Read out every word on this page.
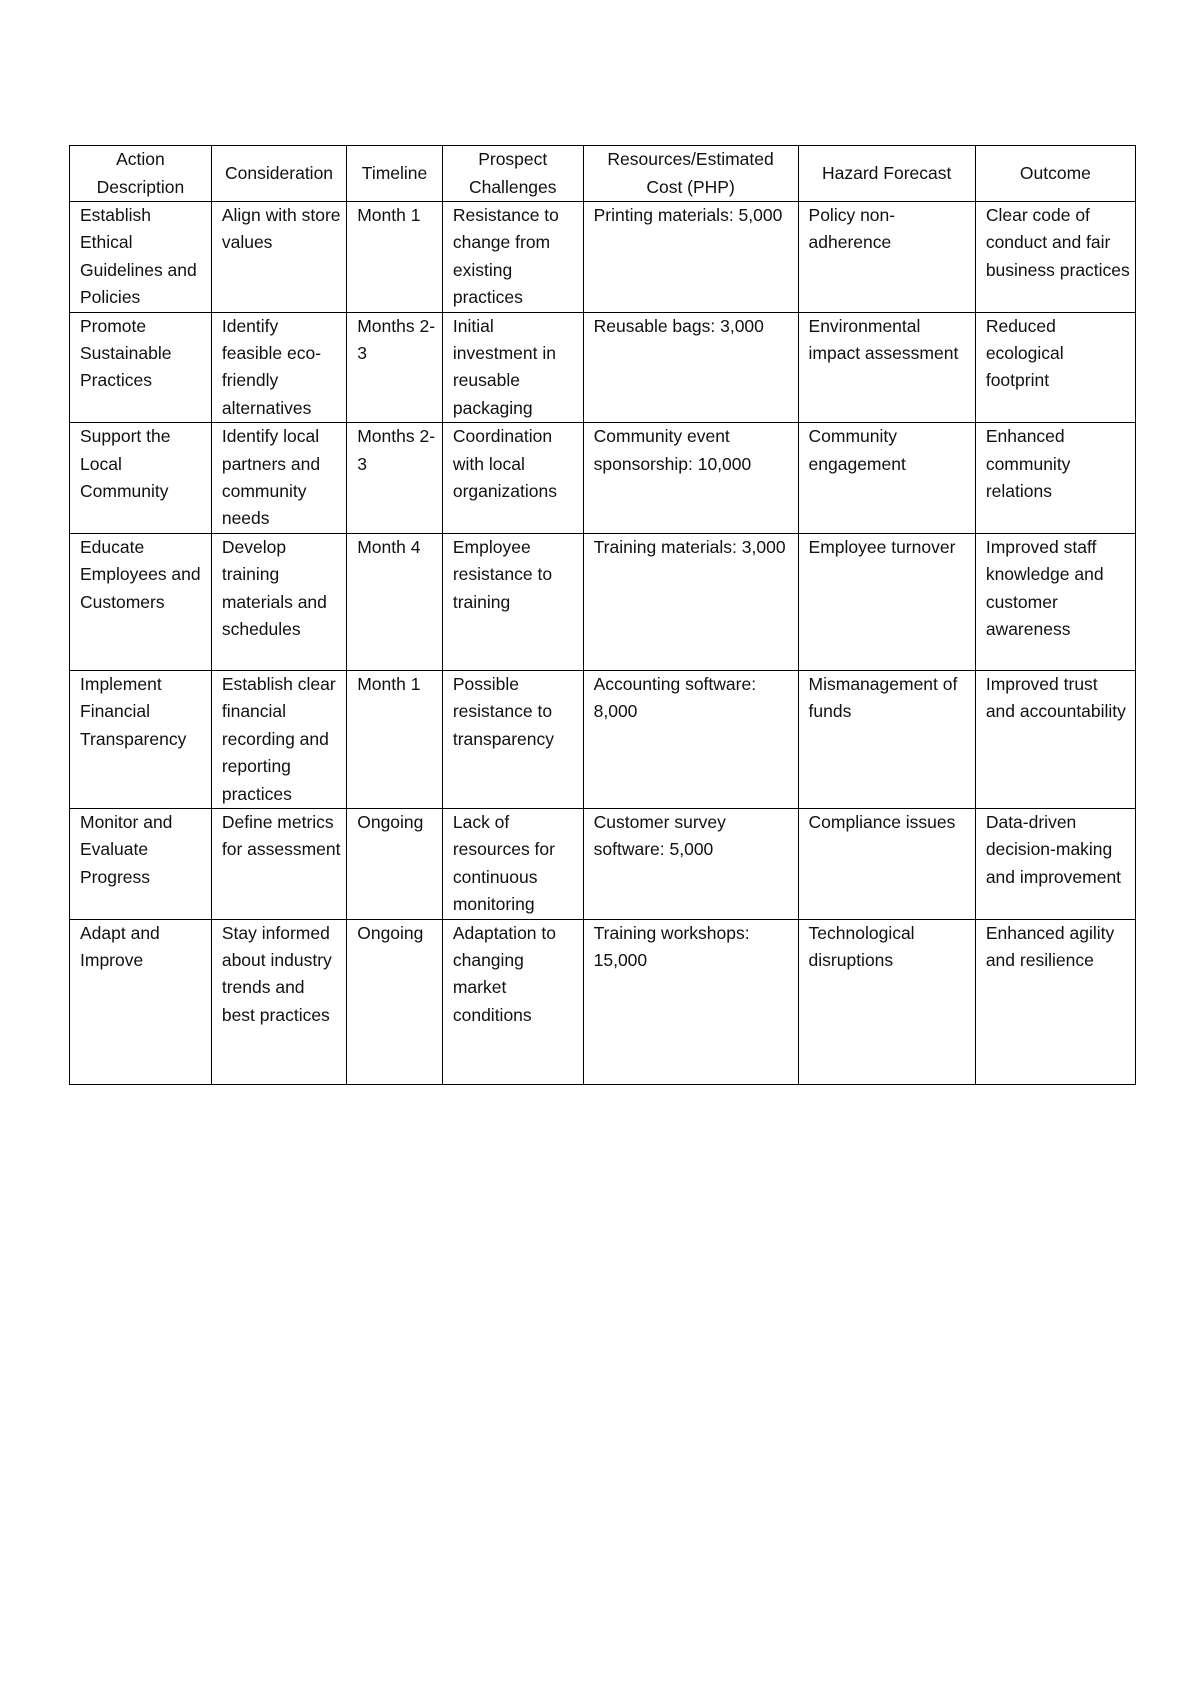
Action Description	Consideration	Timeline	Prospect Challenges	Resources/Estimated Cost (PHP)	Hazard Forecast	Outcome
Establish Ethical Guidelines and Policies	Align with store values	Month 1	Resistance to change from existing practices	Printing materials: 5,000	Policy non-adherence	Clear code of conduct and fair business practices
Promote Sustainable Practices	Identify feasible eco-friendly alternatives	Months 2-3	Initial investment in reusable packaging	Reusable bags: 3,000	Environmental impact assessment	Reduced ecological footprint
Support the Local Community	Identify local partners and community needs	Months 2-3	Coordination with local organizations	Community event sponsorship: 10,000	Community engagement	Enhanced community relations
Educate Employees and Customers	Develop training materials and schedules	Month 4	Employee resistance to training	Training materials: 3,000	Employee turnover	Improved staff knowledge and customer awareness
Implement Financial Transparency	Establish clear financial recording and reporting practices	Month 1	Possible resistance to transparency	Accounting software: 8,000	Mismanagement of funds	Improved trust and accountability
Monitor and Evaluate Progress	Define metrics for assessment	Ongoing	Lack of resources for continuous monitoring	Customer survey software: 5,000	Compliance issues	Data-driven decision-making and improvement
Adapt and Improve	Stay informed about industry trends and best practices	Ongoing	Adaptation to changing market conditions	Training workshops: 15,000	Technological disruptions	Enhanced agility and resilience
